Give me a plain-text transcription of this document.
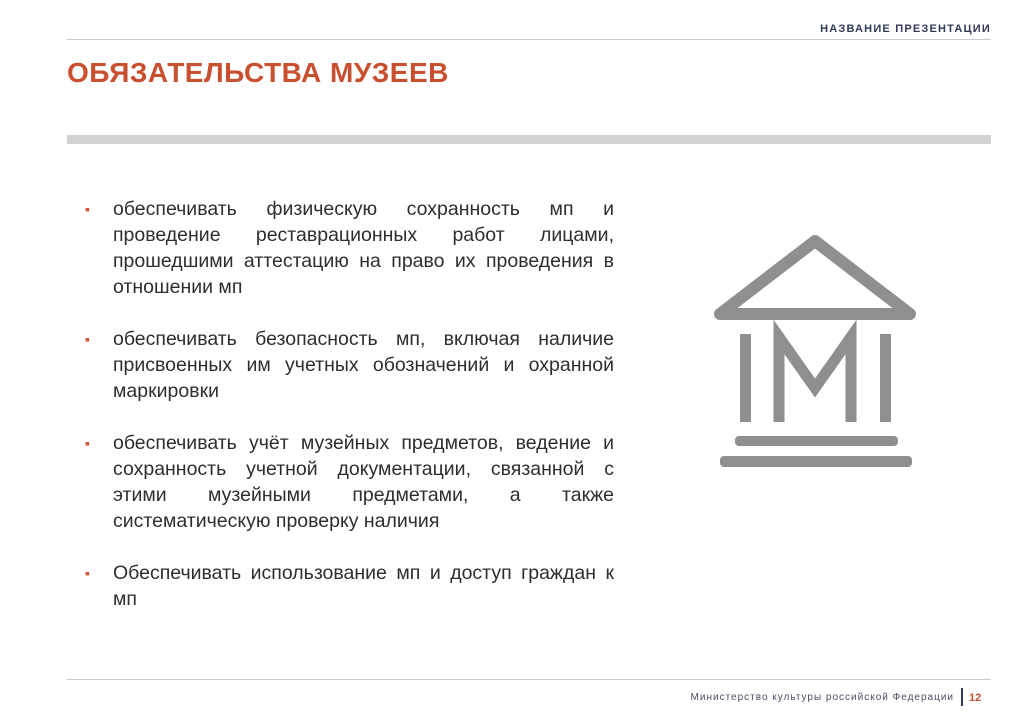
НАЗВАНИЕ ПРЕЗЕНТАЦИИ
ОБЯЗАТЕЛЬСТВА МУЗЕЕВ
▪ обеспечивать физическую сохранность мп и проведение реставрационных работ лицами, прошедшими аттестацию на право их проведения в отношении мп
▪ обеспечивать безопасность мп, включая наличие присвоенных им учетных обозначений и охранной маркировки
▪ обеспечивать учёт музейных предметов, ведение и сохранность учетной документации, связанной с этими музейными предметами, а также систематическую проверку наличия
▪ Обеспечивать использование мп и доступ граждан к мп
Министерство культуры российской Федерации 12
